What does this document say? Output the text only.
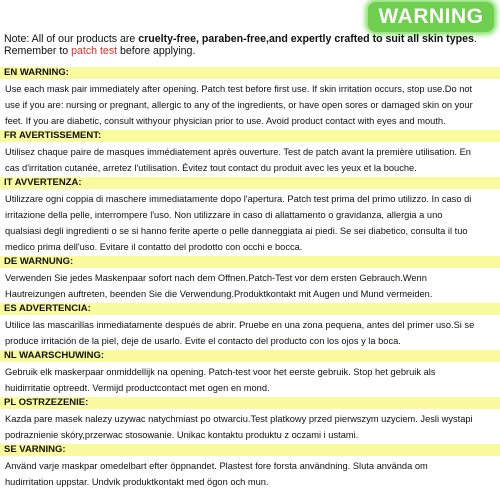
WARNING
Note: All of our products are cruelty-free, paraben-free,and expertly crafted to suit all skin types.
Remember to patch test before applying.
EN WARNING:
Use each mask pair immediately after opening. Patch test before first use. If skin irritation occurs, stop use.Do not
use if you are: nursing or pregnant, allergic to any of the ingredients, or have open sores or damaged skin on your
feet. If you are diabetic, consult withyour physician prior to use. Avoid product contact with eyes and mouth.
FR AVERTISSEMENT:
Utilisez chaque paire de masques immédiatement après ouverture. Test de patch avant la première utilisation. En
cas d'irritation cutanée, arretez l'utilisation. Évitez tout contact du produit avec les yeux et la bouche.
IT AVVERTENZA:
Utilizzare ogni coppia di maschere immediatamente dopo l'apertura. Patch test prima del primo utilizzo. In caso di
irritazione della pelle, interrompere l'uso. Non utilizzare in caso di allattamento o gravidanza, allergia a uno
qualsiasi degli ingredienti o se si hanno ferite aperte o pelle danneggiata ai piedi. Se sei diabetico, consulta il tuo
medico prima dell'uso. Evitare il contatto del prodotto con occhi e bocca.
DE WARNUNG:
Verwenden Sie jedes Maskenpaar sofort nach dem Offnen.Patch-Test vor dem ersten Gebrauch.Wenn
Hautreizungen auftreten, beenden Sie die Verwendung.Produktkontakt mit Augen und Mund vermeiden.
ES ADVERTENCIA:
Utilice las mascarillas inmediatamente después de abrir. Pruebe en una zona pequena, antes del primer uso.Si se
produce irritación de la piel, deje de usarlo. Evite el contacto del producto con los ojos y la boca.
NL WAARSCHUWING:
Gebruik elk maskerpaar onmiddellijk na opening. Patch-test voor het eerste gebruik. Stop het gebruik als
huidirritatie optreedt. Vermijd productcontact met ogen en mond.
PL OSTRZEZENIE:
Kazda pare masek nalezy uzywac natychmiast po otwarciu.Test platkowy przed pierwszym uzyciem. Jesli wystapi
podraznienie skóry,przerwac stosowanie. Unikac kontaktu produktu z oczami i ustami.
SE VARNING:
Använd varje maskpar omedelbart efter öppnandet. Plastest fore forsta användning. Sluta använda om
hudirritation uppstar. Undvik produktkontakt med ögon och mun.
